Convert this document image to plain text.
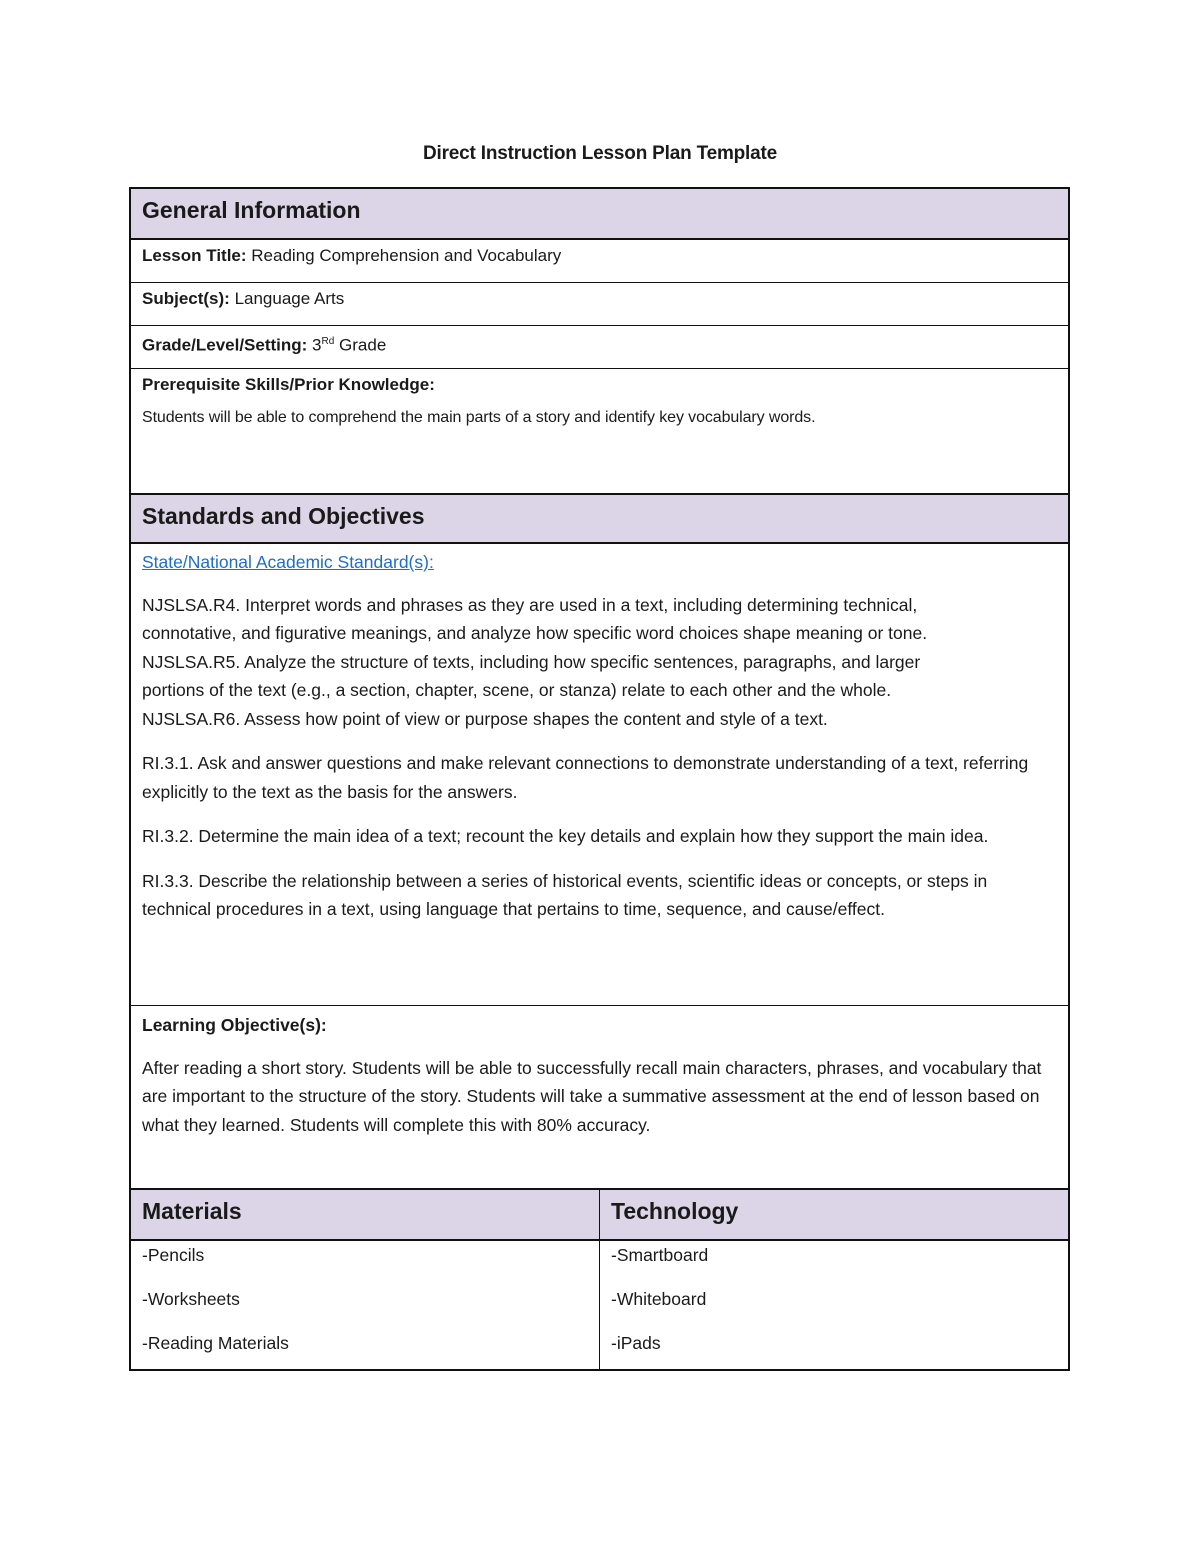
Direct Instruction Lesson Plan Template
General Information
Lesson Title: Reading Comprehension and Vocabulary
Subject(s): Language Arts
Grade/Level/Setting: 3Rd Grade
Prerequisite Skills/Prior Knowledge:
Students will be able to comprehend the main parts of a story and identify key vocabulary words.
Standards and Objectives
State/National Academic Standard(s):
NJSLSA.R4. Interpret words and phrases as they are used in a text, including determining technical,
connotative, and figurative meanings, and analyze how specific word choices shape meaning or tone.
NJSLSA.R5. Analyze the structure of texts, including how specific sentences, paragraphs, and larger
portions of the text (e.g., a section, chapter, scene, or stanza) relate to each other and the whole.
NJSLSA.R6. Assess how point of view or purpose shapes the content and style of a text.
RI.3.1. Ask and answer questions and make relevant connections to demonstrate understanding of a text, referring explicitly to the text as the basis for the answers.
RI.3.2. Determine the main idea of a text; recount the key details and explain how they support the main idea.
RI.3.3. Describe the relationship between a series of historical events, scientific ideas or concepts, or steps in technical procedures in a text, using language that pertains to time, sequence, and cause/effect.
Learning Objective(s):
After reading a short story. Students will be able to successfully recall main characters, phrases, and vocabulary that are important to the structure of the story. Students will take a summative assessment at the end of lesson based on what they learned. Students will complete this with 80% accuracy.
Materials	Technology
-Pencils
-Worksheets
-Reading Materials
-Smartboard
-Whiteboard
-iPads
